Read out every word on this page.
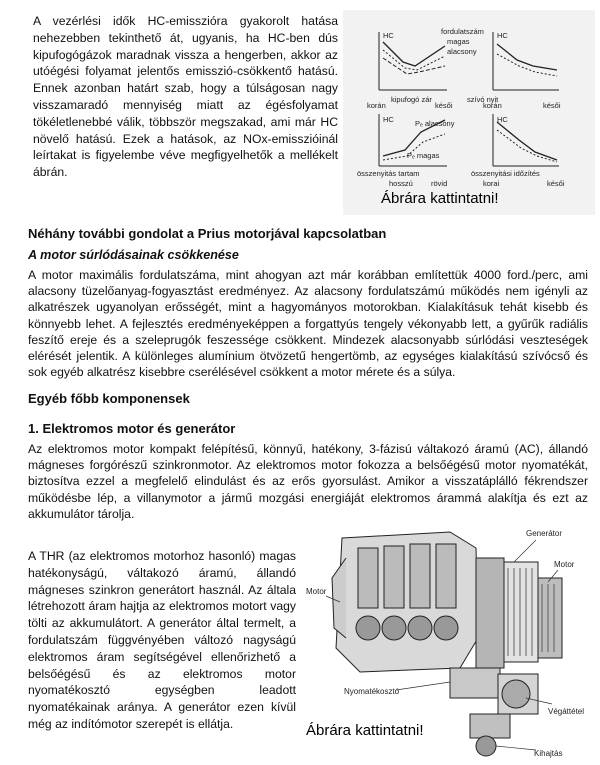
A vezérlési idők HC-emisszióra gyakorolt hatása nehezebben tekinthető át, ugyanis, ha HC-ben dús kipufogógázok maradnak vissza a hengerben, akkor az utóégési folyamat jelentős emisszió-csökkentő hatású. Ennek azonban határt szab, hogy a túlságosan nagy visszamaradó mennyiség miatt az égésfolyamat tökéletlenebbé válik, többször megszakad, ami már HC növelő hatású. Ezek a hatások, az NOx-emisszióinál leírtakat is figyelembe véve megfigyelhetők a mellékelt ábrán.

HC
korán
kipufogó zár
késői
HC
fordulatszám
magas
alacsony
szívó nyit
korán	késői
HC	Pₑ alacsony
Pₑ magas
összenyitás tartam
hosszú rövid
HC
összenyitási időzítés
korai	késői
Ábrára kattintatni!
Néhány további gondolat a Prius motorjával kapcsolatban
A motor súrlódásainak csökkenése

A motor maximális fordulatszáma, mint ahogyan azt már korábban említettük 4000 ford./perc, ami alacsony tüzelőanyag-fogyasztást eredményez. Az alacsony fordulatszámú működés nem igényli az alkatrészek ugyanolyan erősségét, mint a hagyományos motorokban. Kialakításuk tehát kisebb és könnyebb lehet. A fejlesztés eredményeképpen a forgattyús tengely vékonyabb lett, a gyűrűk radiális feszítő ereje és a szeleprugók feszessége csökkent. Mindezek alacsonyabb súrlódási veszteségek elérését jelentik. A különleges alumínium ötvözetű hengertömb, az egységes kialakítású szívócső és sok egyéb alkatrész kisebbre cserélésével csökkent a motor mérete és a súlya.

Egyéb főbb komponensek
1. Elektromos motor és generátor

Az elektromos motor kompakt felépítésű, könnyű, hatékony, 3-fázisú váltakozó áramú (AC), állandó mágneses forgórészű szinkronmotor. Az elektromos motor fokozza a belsőégésű motor nyomatékát, biztosítva ezzel a megfelelő elindulást és az erős gyorsulást. Amikor a visszatáplálló fékrendszer működésbe lép, a villanymotor a jármű mozgási energiáját elektromos árammá alakítja és ezt az akkumulátor tárolja.

A THR (az elektromos motorhoz hasonló) magas hatékonyságú, váltakozó áramú, állandó mágneses szinkron generátort használ. Az általa létrehozott áram hajtja az elektromos motort vagy tölti az akkumulátort. A generátor által termelt, a fordulatszám függvényében változó nagyságú elektromos áram segítségével ellenőrizhető a belsőégésű és az elektromos motor nyomatékosztó egységben leadott nyomatékainak aránya. A generátor ezen kívül még az indítómotor szerepét is ellátja.

Generátor
Motor
Motor
Nyomatékosztó
Végáttétel
Kihajtás
Ábrára kattintatni!
